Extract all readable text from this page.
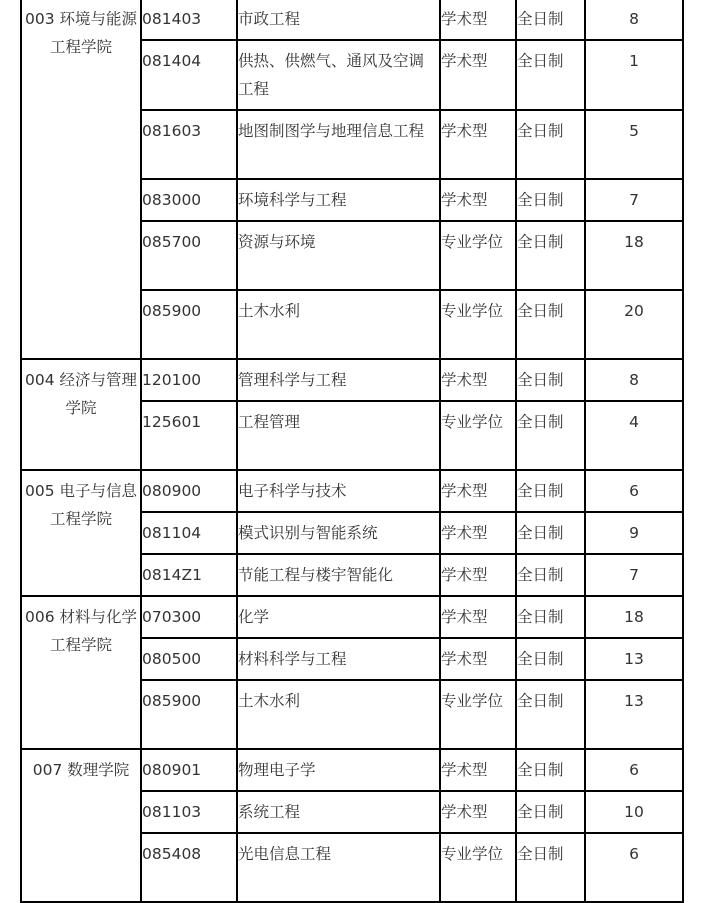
003 环境与能源工程学院	081403	市政工程	学术型	全日制	8
	081404	供热、供燃气、通风及空调工程	学术型	全日制	1
	081603	地图制图学与地理信息工程	学术型	全日制	5
	083000	环境科学与工程	学术型	全日制	7
	085700	资源与环境	专业学位	全日制	18
	085900	土木水利	专业学位	全日制	20
004 经济与管理学院	120100	管理科学与工程	学术型	全日制	8
	125601	工程管理	专业学位	全日制	4
005 电子与信息工程学院	080900	电子科学与技术	学术型	全日制	6
	081104	模式识别与智能系统	学术型	全日制	9
	0814Z1	节能工程与楼宇智能化	学术型	全日制	7
006 材料与化学工程学院	070300	化学	学术型	全日制	18
	080500	材料科学与工程	学术型	全日制	13
	085900	土木水利	专业学位	全日制	13
007 数理学院	080901	物理电子学	学术型	全日制	6
	081103	系统工程	学术型	全日制	10
	085408	光电信息工程	专业学位	全日制	6
